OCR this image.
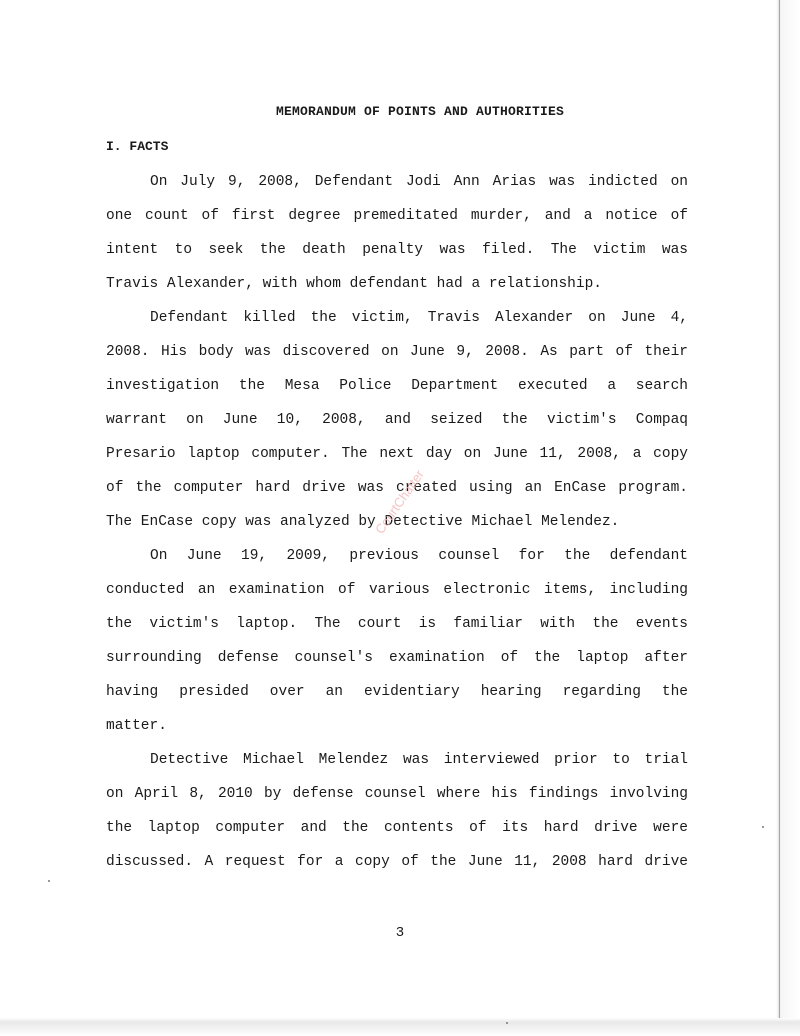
MEMORANDUM OF POINTS AND AUTHORITIES
I. FACTS
On July 9, 2008, Defendant Jodi Ann Arias was indicted on
one count of first degree premeditated murder, and a notice of
intent to seek the death penalty was filed. The victim was
Travis Alexander, with whom defendant had a relationship.
Defendant killed the victim, Travis Alexander on June 4,
2008. His body was discovered on June 9, 2008. As part of their
investigation the Mesa Police Department executed a search
warrant on June 10, 2008, and seized the victim's Compaq
Presario laptop computer. The next day on June 11, 2008, a copy
of the computer hard drive was created using an EnCase program.
The EnCase copy was analyzed by Detective Michael Melendez.
On June 19, 2009, previous counsel for the defendant
conducted an examination of various electronic items, including
the victim's laptop. The court is familiar with the events
surrounding defense counsel's examination of the laptop after
having presided over an evidentiary hearing regarding the
matter.
Detective Michael Melendez was interviewed prior to trial
on April 8, 2010 by defense counsel where his findings involving
the laptop computer and the contents of its hard drive were
discussed. A request for a copy of the June 11, 2008 hard drive
3
CourtChatter
